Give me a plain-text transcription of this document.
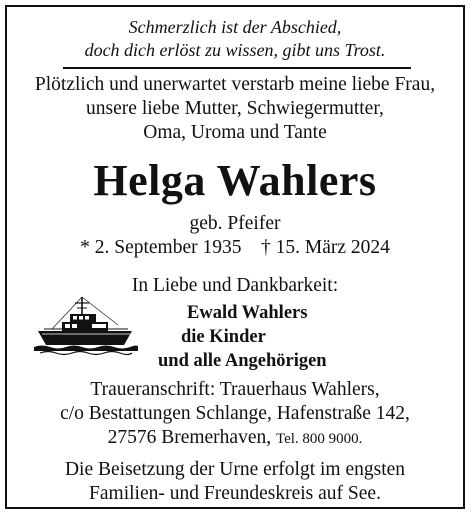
Schmerzlich ist der Abschied,
doch dich erlöst zu wissen, gibt uns Trost.
Plötzlich und unerwartet verstarb meine liebe Frau,
unsere liebe Mutter, Schwiegermutter,
Oma, Uroma und Tante
Helga Wahlers
geb. Pfeifer
* 2. September 1935    † 15. März 2024
In Liebe und Dankbarkeit:
Ewald Wahlers
die Kinder
und alle Angehörigen
Traueranschrift: Trauerhaus Wahlers,
c/o Bestattungen Schlange, Hafenstraße 142,
27576 Bremerhaven, Tel. 800 9000.
Die Beisetzung der Urne erfolgt im engsten
Familien- und Freundeskreis auf See.
